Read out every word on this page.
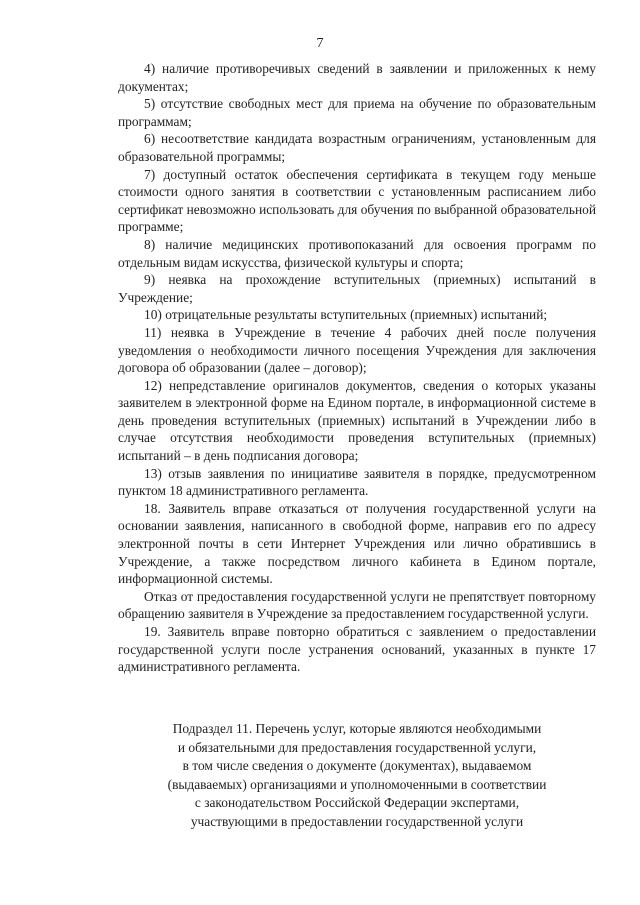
7

4) наличие противоречивых сведений в заявлении и приложенных к нему документах;

5) отсутствие свободных мест для приема на обучение по образовательным программам;

6) несоответствие кандидата возрастным ограничениям, установленным для образовательной программы;

7) доступный остаток обеспечения сертификата в текущем году меньше стоимости одного занятия в соответствии с установленным расписанием либо сертификат невозможно использовать для обучения по выбранной образовательной программе;

8) наличие медицинских противопоказаний для освоения программ по отдельным видам искусства, физической культуры и спорта;

9) неявка на прохождение вступительных (приемных) испытаний в Учреждение;

10) отрицательные результаты вступительных (приемных) испытаний;

11) неявка в Учреждение в течение 4 рабочих дней после получения уведомления о необходимости личного посещения Учреждения для заключения договора об образовании (далее – договор);

12) непредставление оригиналов документов, сведения о которых указаны заявителем в электронной форме на Едином портале, в информационной системе в день проведения вступительных (приемных) испытаний в Учреждении либо в случае отсутствия необходимости проведения вступительных (приемных) испытаний – в день подписания договора;

13) отзыв заявления по инициативе заявителя в порядке, предусмотренном пунктом 18 административного регламента.

18. Заявитель вправе отказаться от получения государственной услуги на основании заявления, написанного в свободной форме, направив его по адресу электронной почты в сети Интернет Учреждения или лично обратившись в Учреждение, а также посредством личного кабинета в Едином портале, информационной системы.

Отказ от предоставления государственной услуги не препятствует повторному обращению заявителя в Учреждение за предоставлением государственной услуги.

19. Заявитель вправе повторно обратиться с заявлением о предоставлении государственной услуги после устранения оснований, указанных в пункте 17 административного регламента.

Подраздел 11. Перечень услуг, которые являются необходимыми
и обязательными для предоставления государственной услуги,
в том числе сведения о документе (документах), выдаваемом
(выдаваемых) организациями и уполномоченными в соответствии
с законодательством Российской Федерации экспертами,
участвующими в предоставлении государственной услуги
